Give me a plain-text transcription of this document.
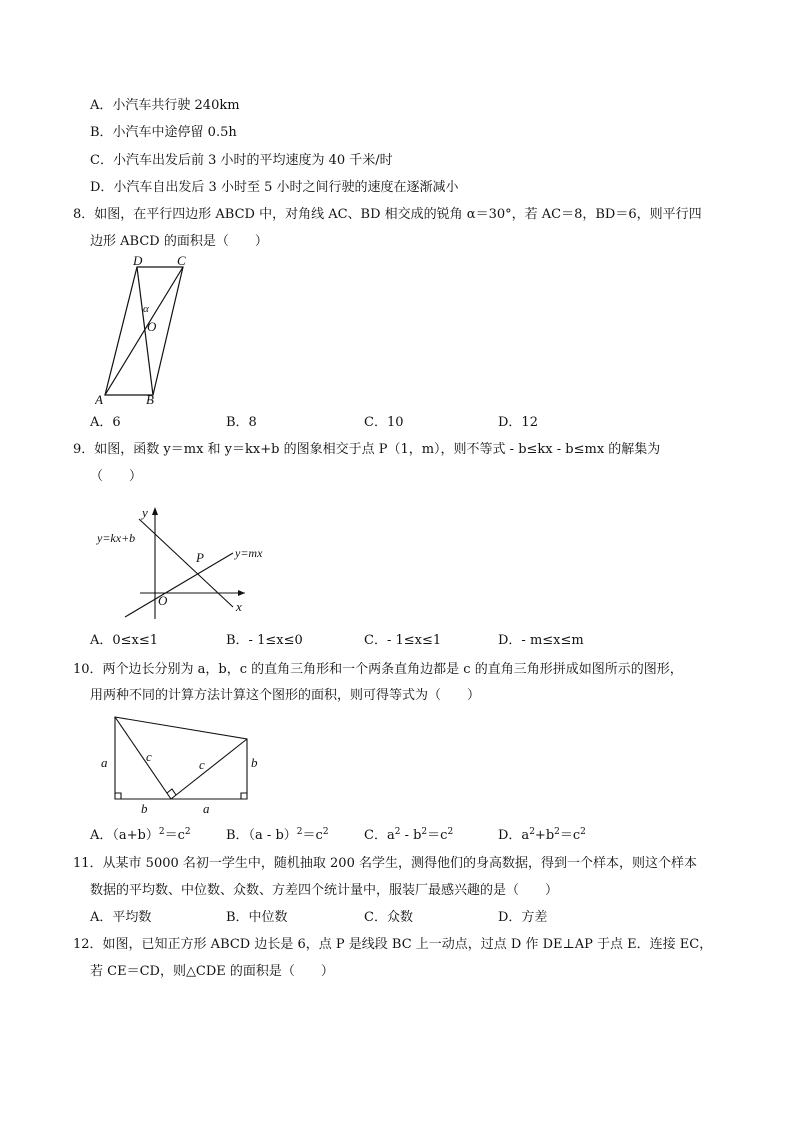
A．小汽车共行驶 240km
B．小汽车中途停留 0.5h
C．小汽车出发后前 3 小时的平均速度为 40 千米/时
D．小汽车自出发后 3 小时至 5 小时之间行驶的速度在逐渐减小
8．如图，在平行四边形 ABCD 中，对角线 AC、BD 相交成的锐角 α＝30°，若 AC＝8，BD＝6，则平行四
边形 ABCD 的面积是（　　）
A	B
C
D
O
α
A．6	B．8	C．10	D．12
9．如图，函数 y＝mx 和 y＝kx+b 的图象相交于点 P（1，m），则不等式 - b≤kx - b≤mx 的解集为
（　　）
y
x
O
P
y=kx+b
y=mx
A．0≤x≤1	B．- 1≤x≤0	C．- 1≤x≤1	D．- m≤x≤m
10．两个边长分别为 a，b，c 的直角三角形和一个两条直角边都是 c 的直角三角形拼成如图所示的图形，
用两种不同的计算方法计算这个图形的面积，则可得等式为（　　）
a	c
c	b
b	a
A．$(a+b)^2=c^2$	B．$(a - b)^2=c^2$	C．$a^2 - b^2=c^2$	D．$a^2+b^2=c^2$
11．从某市 5000 名初一学生中，随机抽取 200 名学生，测得他们的身高数据，得到一个样本，则这个样本
数据的平均数、中位数、众数、方差四个统计量中，服装厂最感兴趣的是（　　）
A．平均数	B．中位数	C．众数	D．方差
12．如图，已知正方形 ABCD 边长是 6，点 P 是线段 BC 上一动点，过点 D 作 DE⊥AP 于点 E．连接 EC，
若 CE＝CD，则△CDE 的面积是（　　）
